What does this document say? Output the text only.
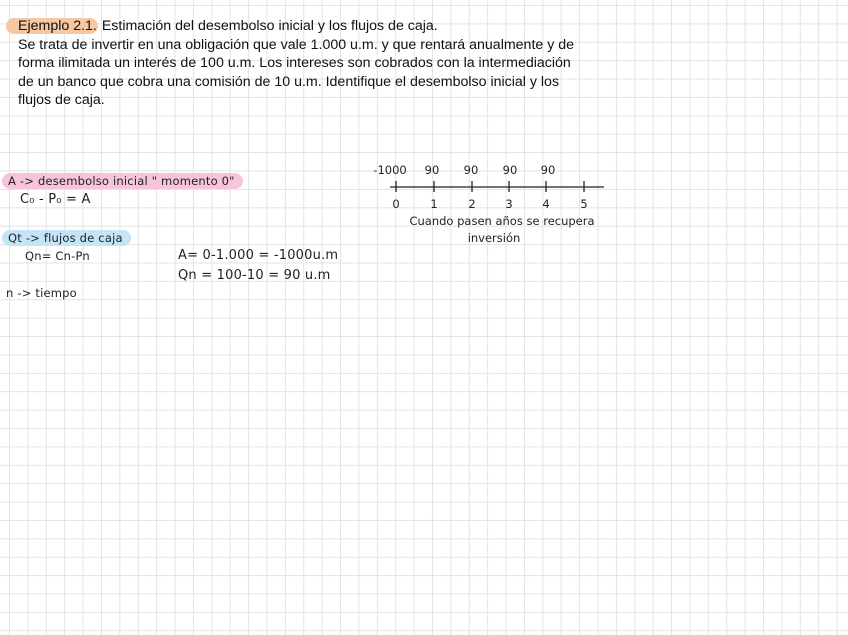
Ejemplo 2.1. Estimación del desembolso inicial y los flujos de caja.
Se trata de invertir en una obligación que vale 1.000 u.m. y que rentará anualmente y de
forma ilimitada un interés de 100 u.m. Los intereses son cobrados con la intermediación
de un banco que cobra una comisión de 10 u.m. Identifique el desembolso inicial y los
flujos de caja.
A -> desembolso inicial " momento 0"
C₀ - P₀ = A
Qt -> flujos de caja
Qn= Cn-Pn	A= 0-1.000 = -1000u.m
Qn = 100-10 = 90 u.m
n -> tiempo
-1000 90 90 90 90
0	1	2	3	4	5
Cuando pasen años se recupera
inversión
